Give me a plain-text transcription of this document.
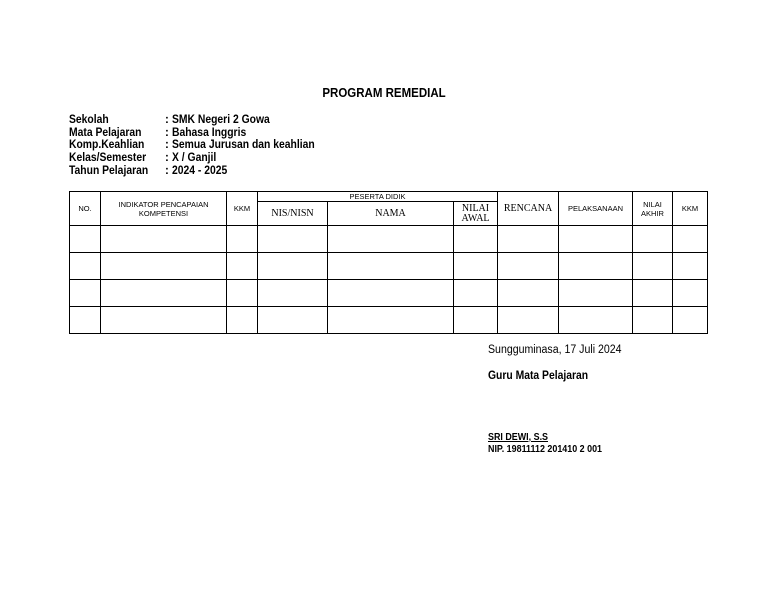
PROGRAM REMEDIAL
Sekolah	: SMK Negeri 2 Gowa
Mata Pelajaran	: Bahasa Inggris
Komp.Keahlian	: Semua Jurusan dan keahlian
Kelas/Semester	: X / Ganjil
Tahun Pelajaran	: 2024 - 2025
NO.	INDIKATOR PENCAPAIAN KOMPETENSI	KKM	PESERTA DIDIK			RENCANA	PELAKSANAAN	NILAI AKHIR	KKM
			NIS/NISN	NAMA	NILAI AWAL				

Sungguminasa, 17 Juli 2024
Guru Mata Pelajaran
SRI DEWI, S.S
NIP. 19811112 201410 2 001
